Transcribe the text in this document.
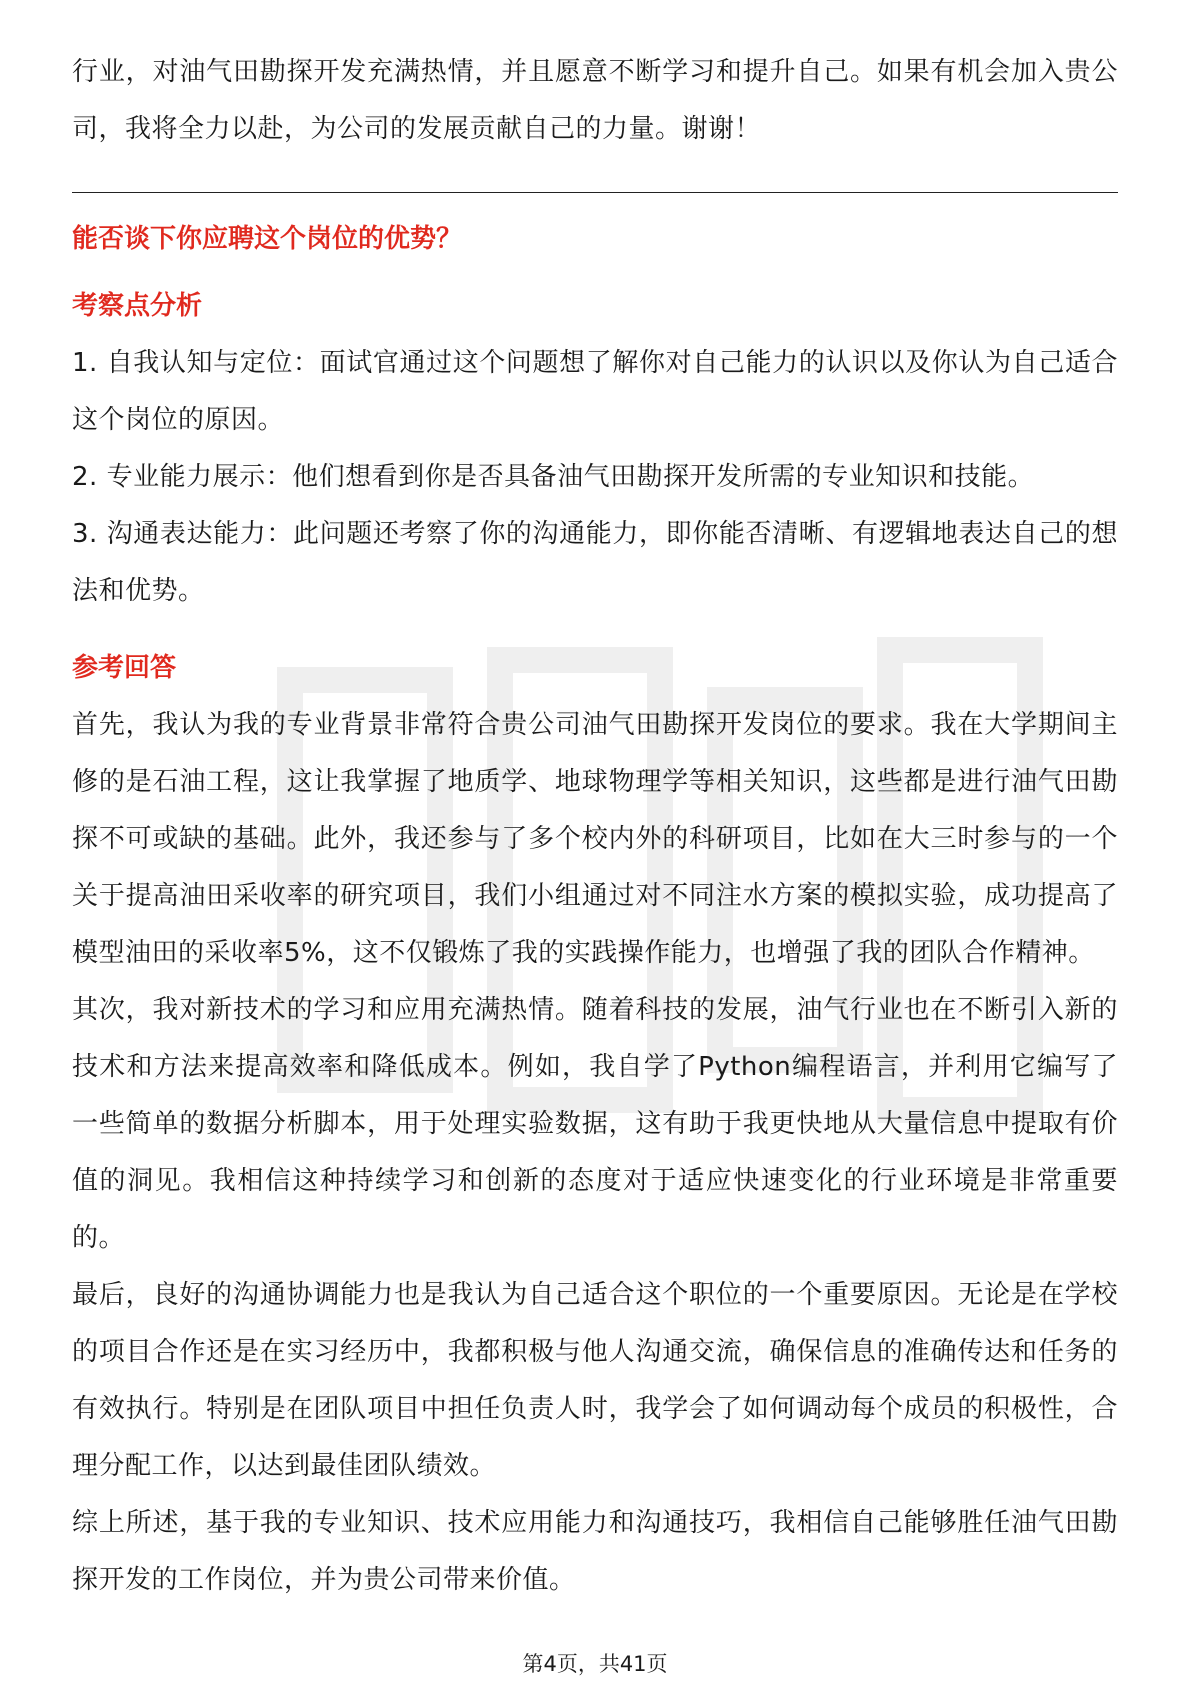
行业，对油气田勘探开发充满热情，并且愿意不断学习和提升自己。如果有机会加入贵公司，我将全力以赴，为公司的发展贡献自己的力量。谢谢！

能否谈下你应聘这个岗位的优势？

考察点分析

1. 自我认知与定位：面试官通过这个问题想了解你对自己能力的认识以及你认为自己适合这个岗位的原因。
2. 专业能力展示：他们想看到你是否具备油气田勘探开发所需的专业知识和技能。
3. 沟通表达能力：此问题还考察了你的沟通能力，即你能否清晰、有逻辑地表达自己的想法和优势。

参考回答

首先，我认为我的专业背景非常符合贵公司油气田勘探开发岗位的要求。我在大学期间主修的是石油工程，这让我掌握了地质学、地球物理学等相关知识，这些都是进行油气田勘探不可或缺的基础。此外，我还参与了多个校内外的科研项目，比如在大三时参与的一个关于提高油田采收率的研究项目，我们小组通过对不同注水方案的模拟实验，成功提高了模型油田的采收率5%，这不仅锻炼了我的实践操作能力，也增强了我的团队合作精神。

其次，我对新技术的学习和应用充满热情。随着科技的发展，油气行业也在不断引入新的技术和方法来提高效率和降低成本。例如，我自学了Python编程语言，并利用它编写了一些简单的数据分析脚本，用于处理实验数据，这有助于我更快地从大量信息中提取有价值的洞见。我相信这种持续学习和创新的态度对于适应快速变化的行业环境是非常重要的。

最后，良好的沟通协调能力也是我认为自己适合这个职位的一个重要原因。无论是在学校的项目合作还是在实习经历中，我都积极与他人沟通交流，确保信息的准确传达和任务的有效执行。特别是在团队项目中担任负责人时，我学会了如何调动每个成员的积极性，合理分配工作，以达到最佳团队绩效。

综上所述，基于我的专业知识、技术应用能力和沟通技巧，我相信自己能够胜任油气田勘探开发的工作岗位，并为贵公司带来价值。

第4页，共41页
